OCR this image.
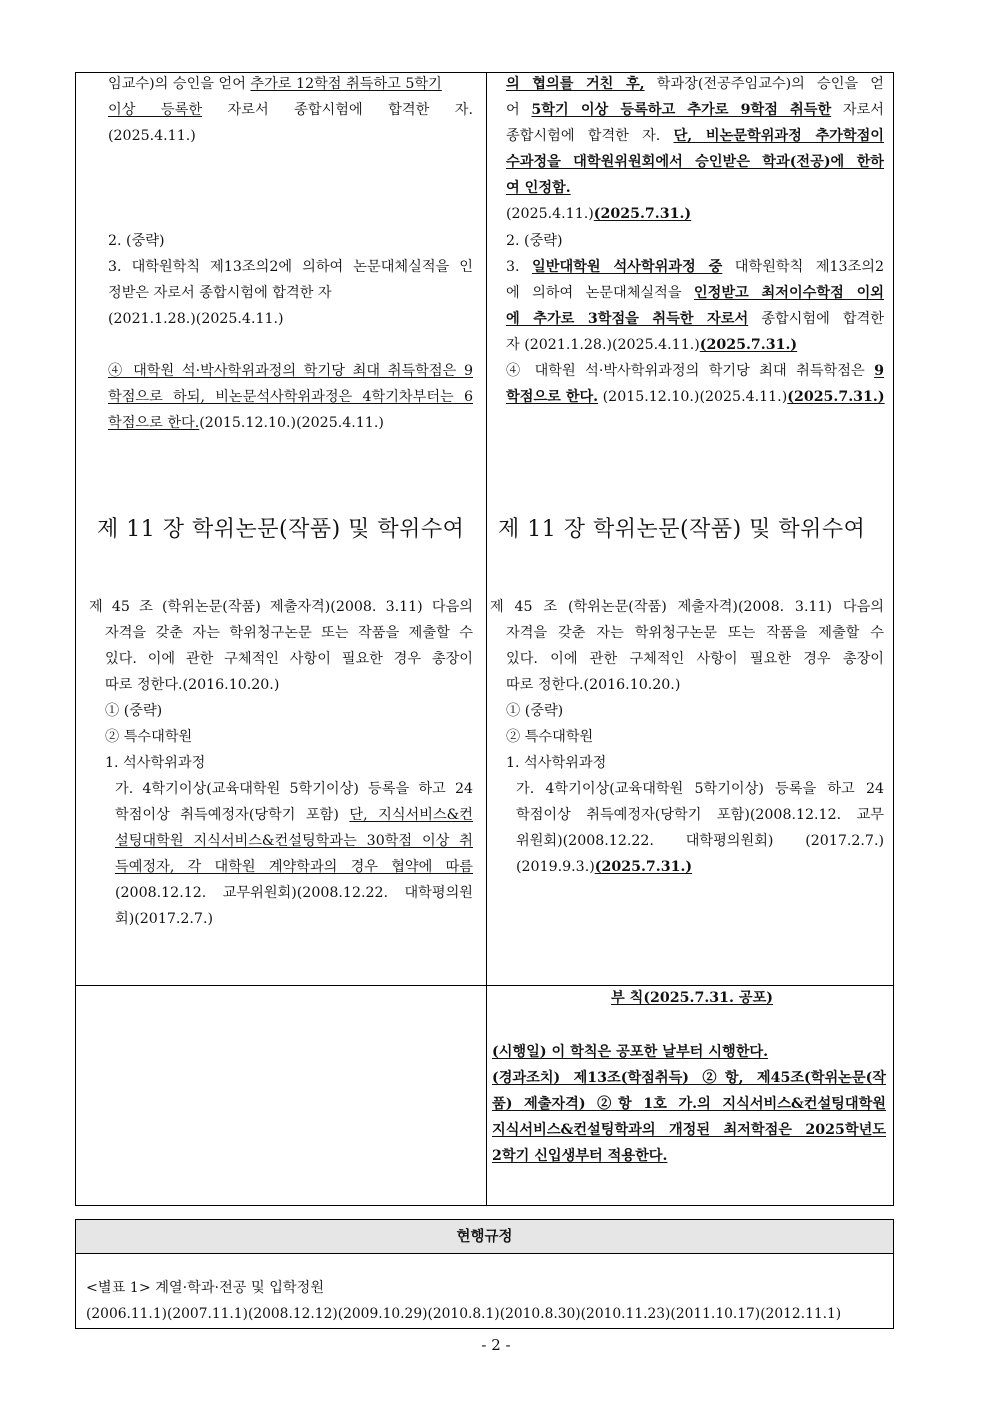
임교수)의 승인을 얻어 추가로 12학점 취득하고 5학기
이상 등록한 자로서 종합시험에 합격한 자.
(2025.4.11.)
2. (중략)
3. 대학원학칙 제13조의2에 의하여 논문대체실적을 인
정받은 자로서 종합시험에 합격한 자
(2021.1.28.)(2025.4.11.)
④ 대학원 석·박사학위과정의 학기당 최대 취득학점은 9
학점으로 하되, 비논문석사학위과정은 4학기차부터는 6
학점으로 한다.(2015.12.10.)(2025.4.11.)
제 11 장 학위논문(작품) 및 학위수여
제 45 조 (학위논문(작품) 제출자격)(2008. 3.11) 다음의
자격을 갖춘 자는 학위청구논문 또는 작품을 제출할 수
있다. 이에 관한 구체적인 사항이 필요한 경우 총장이
따로 정한다.(2016.10.20.)
① (중략)
② 특수대학원
1. 석사학위과정
가. 4학기이상(교육대학원 5학기이상) 등록을 하고 24
학점이상 취득예정자(당학기 포함) 단, 지식서비스&컨
설팅대학원 지식서비스&컨설팅학과는 30학점 이상 취
득예정자, 각 대학원 계약학과의 경우 협약에 따름
(2008.12.12. 교무위원회)(2008.12.22. 대학평의원
회)(2017.2.7.)
의 협의를 거친 후, 학과장(전공주임교수)의 승인을 얻
어 5학기 이상 등록하고 추가로 9학점 취득한 자로서
종합시험에 합격한 자. 단, 비논문학위과정 추가학점이
수과정을 대학원위원회에서 승인받은 학과(전공)에 한하
여 인정함.
(2025.4.11.)(2025.7.31.)
2. (중략)
3. 일반대학원 석사학위과정 중 대학원학칙 제13조의2
에 의하여 논문대체실적을 인정받고 최저이수학점 이외
에 추가로 3학점을 취득한 자로서 종합시험에 합격한
자 (2021.1.28.)(2025.4.11.)(2025.7.31.)
④ 대학원 석·박사학위과정의 학기당 최대 취득학점은 9
학점으로 한다. (2015.12.10.)(2025.4.11.)(2025.7.31.)
제 11 장 학위논문(작품) 및 학위수여
제 45 조 (학위논문(작품) 제출자격)(2008. 3.11) 다음의
자격을 갖춘 자는 학위청구논문 또는 작품을 제출할 수
있다. 이에 관한 구체적인 사항이 필요한 경우 총장이
따로 정한다.(2016.10.20.)
① (중략)
② 특수대학원
1. 석사학위과정
가. 4학기이상(교육대학원 5학기이상) 등록을 하고 24
학점이상 취득예정자(당학기 포함)(2008.12.12. 교무
위원회)(2008.12.22. 대학평의원회) (2017.2.7.)
(2019.9.3.)(2025.7.31.)
부 칙(2025.7.31. 공포)
(시행일) 이 학칙은 공포한 날부터 시행한다.
(경과조치) 제13조(학점취득) ②항, 제45조(학위논문(작
품) 제출자격) ②항 1호 가.의 지식서비스&컨설팅대학원
지식서비스&컨설팅학과의 개정된 최저학점은 2025학년도
2학기 신입생부터 적용한다.
현행규정
<별표 1> 계열·학과·전공 및 입학정원
(2006.11.1)(2007.11.1)(2008.12.12)(2009.10.29)(2010.8.1)(2010.8.30)(2010.11.23)(2011.10.17)(2012.11.1)
- 2 -
